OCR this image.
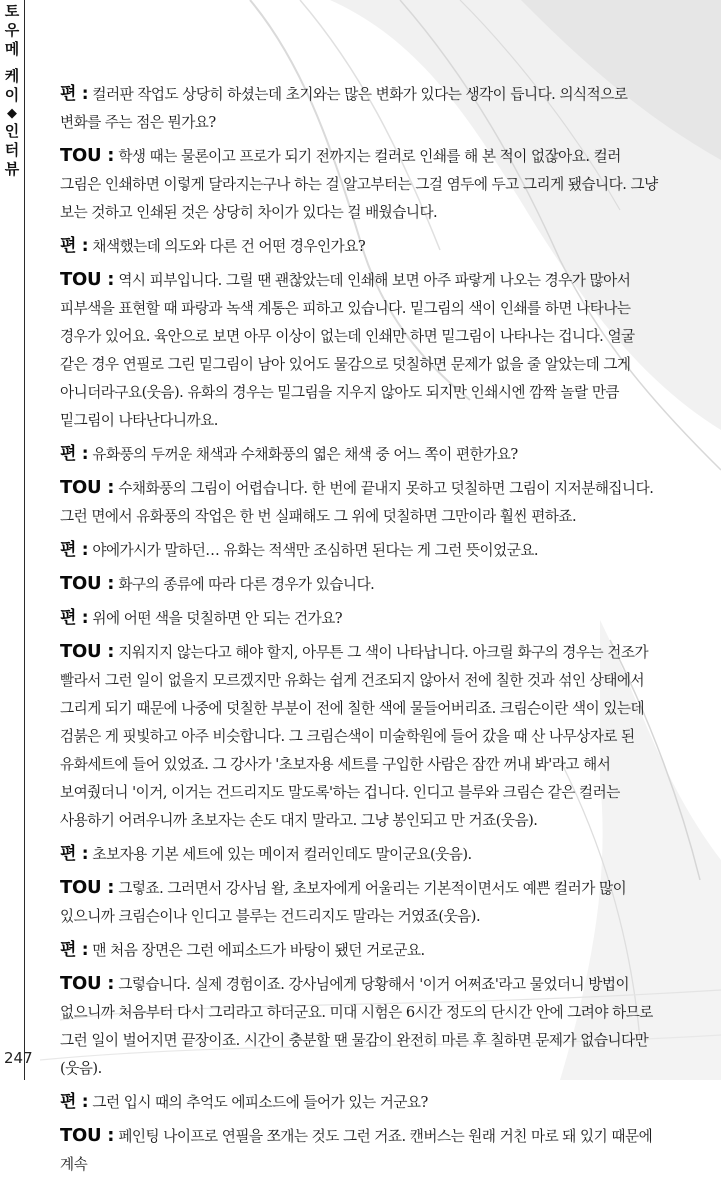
토
우
메
케
이
◆
인
터
뷰

편 : 컬러판 작업도 상당히 하셨는데 초기와는 많은 변화가 있다는 생각이 듭니다. 의식적으로 변화를 주는 점은 뭔가요?

TOU : 학생 때는 물론이고 프로가 되기 전까지는 컬러로 인쇄를 해 본 적이 없잖아요. 컬러 그림은 인쇄하면 이렇게 달라지는구나 하는 걸 알고부터는 그걸 염두에 두고 그리게 됐습니다. 그냥 보는 것하고 인쇄된 것은 상당히 차이가 있다는 걸 배웠습니다.

편 : 채색했는데 의도와 다른 건 어떤 경우인가요?

TOU : 역시 피부입니다. 그릴 땐 괜찮았는데 인쇄해 보면 아주 파랗게 나오는 경우가 많아서 피부색을 표현할 때 파랑과 녹색 계통은 피하고 있습니다. 밑그림의 색이 인쇄를 하면 나타나는 경우가 있어요. 육안으로 보면 아무 이상이 없는데 인쇄만 하면 밑그림이 나타나는 겁니다. 얼굴 같은 경우 연필로 그린 밑그림이 남아 있어도 물감으로 덧칠하면 문제가 없을 줄 알았는데 그게 아니더라구요(웃음). 유화의 경우는 밑그림을 지우지 않아도 되지만 인쇄시엔 깜짝 놀랄 만큼 밑그림이 나타난다니까요.

편 : 유화풍의 두꺼운 채색과 수채화풍의 엷은 채색 중 어느 쪽이 편한가요?

TOU : 수채화풍의 그림이 어렵습니다. 한 번에 끝내지 못하고 덧칠하면 그림이 지저분해집니다. 그런 면에서 유화풍의 작업은 한 번 실패해도 그 위에 덧칠하면 그만이라 훨씬 편하죠.

편 : 야에가시가 말하던… 유화는 적색만 조심하면 된다는 게 그런 뜻이었군요.

TOU : 화구의 종류에 따라 다른 경우가 있습니다.

편 : 위에 어떤 색을 덧칠하면 안 되는 건가요?

TOU : 지워지지 않는다고 해야 할지, 아무튼 그 색이 나타납니다. 아크릴 화구의 경우는 건조가 빨라서 그런 일이 없을지 모르겠지만 유화는 쉽게 건조되지 않아서 전에 칠한 것과 섞인 상태에서 그리게 되기 때문에 나중에 덧칠한 부분이 전에 칠한 색에 물들어버리죠. 크림슨이란 색이 있는데 검붉은 게 핏빛하고 아주 비슷합니다. 그 크림슨색이 미술학원에 들어 갔을 때 산 나무상자로 된 유화세트에 들어 있었죠. 그 강사가 '초보자용 세트를 구입한 사람은 잠깐 꺼내 봐'라고 해서 보여줬더니 '이거, 이거는 건드리지도 말도록'하는 겁니다. 인디고 블루와 크림슨 같은 컬러는 사용하기 어려우니까 초보자는 손도 대지 말라고. 그냥 봉인되고 만 거죠(웃음).

편 : 초보자용 기본 세트에 있는 메이저 컬러인데도 말이군요(웃음).

TOU : 그렇죠. 그러면서 강사님 왈, 초보자에게 어울리는 기본적이면서도 예쁜 컬러가 많이 있으니까 크림슨이나 인디고 블루는 건드리지도 말라는 거였죠(웃음).

편 : 맨 처음 장면은 그런 에피소드가 바탕이 됐던 거로군요.

TOU : 그렇습니다. 실제 경험이죠. 강사님에게 당황해서 '이거 어쩌죠'라고 물었더니 방법이 없으니까 처음부터 다시 그리라고 하더군요. 미대 시험은 6시간 정도의 단시간 안에 그려야 하므로 그런 일이 벌어지면 끝장이죠. 시간이 충분할 땐 물감이 완전히 마른 후 칠하면 문제가 없습니다만(웃음).

편 : 그런 입시 때의 추억도 에피소드에 들어가 있는 거군요?

TOU : 페인팅 나이프로 연필을 쪼개는 것도 그런 거죠. 캔버스는 원래 거친 마로 돼 있기 때문에 계속

247
